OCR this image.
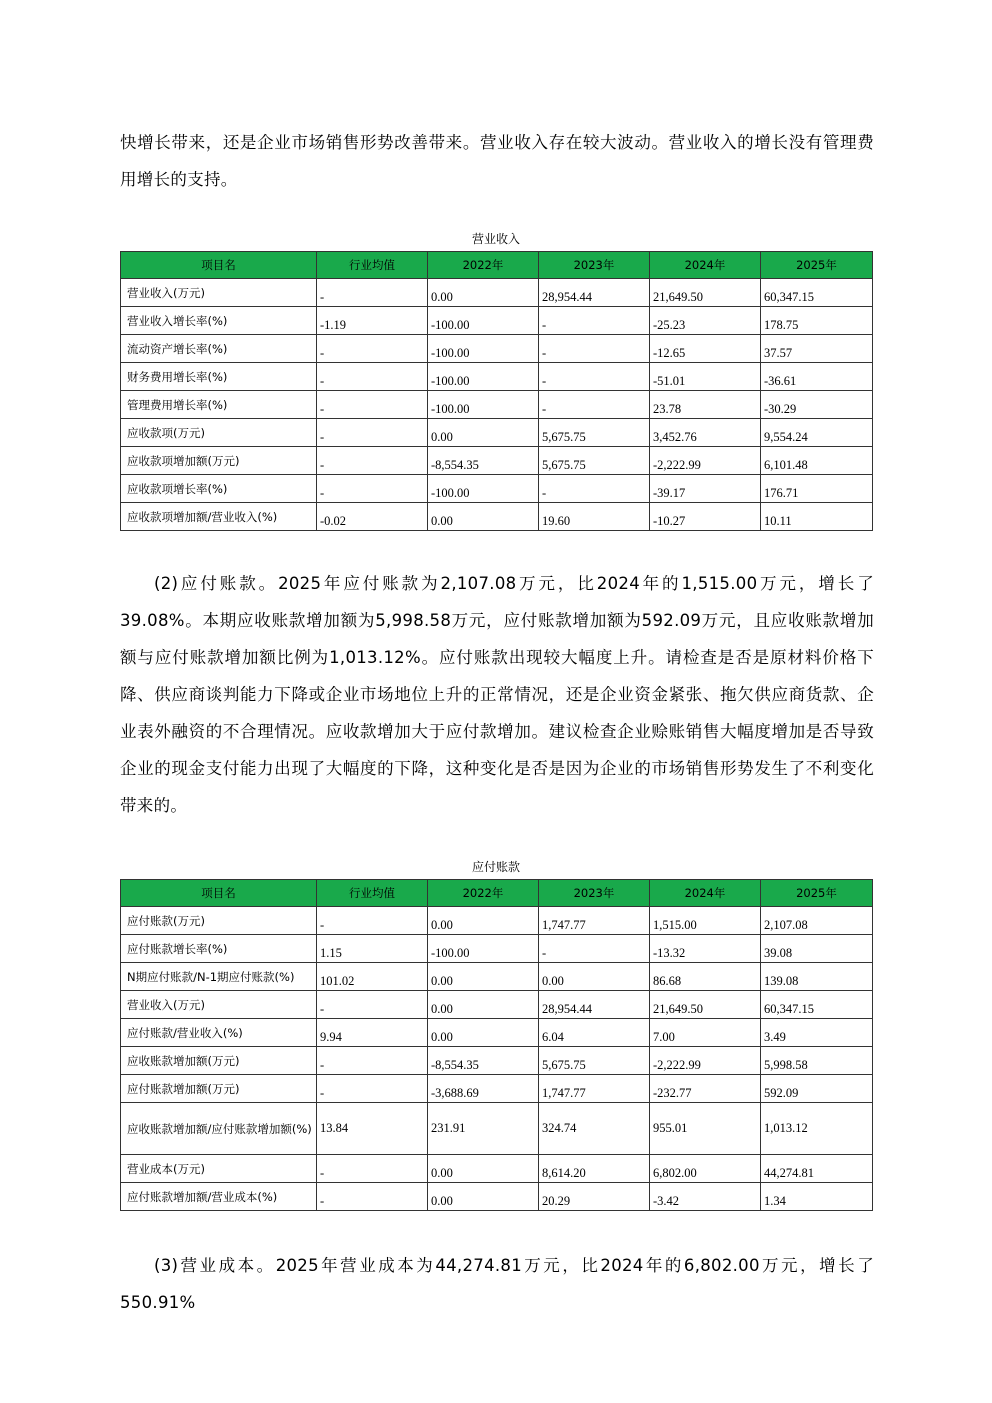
快增长带来，还是企业市场销售形势改善带来。营业收入存在较大波动。营业收入的增长没有管理费用增长的支持。

营业收入
项目名	行业均值	2022年	2023年	2024年	2025年
营业收入(万元)	-	0.00	28,954.44	21,649.50	60,347.15
营业收入增长率(%)	-1.19	-100.00	-	-25.23	178.75
流动资产增长率(%)	-	-100.00	-	-12.65	37.57
财务费用增长率(%)	-	-100.00	-	-51.01	-36.61
管理费用增长率(%)	-	-100.00	-	23.78	-30.29
应收款项(万元)	-	0.00	5,675.75	3,452.76	9,554.24
应收款项增加额(万元)	-	-8,554.35	5,675.75	-2,222.99	6,101.48
应收款项增长率(%)	-	-100.00	-	-39.17	176.71
应收款项增加额/营业收入(%)	-0.02	0.00	19.60	-10.27	10.11

(2)应付账款。2025年应付账款为2,107.08万元，比2024年的1,515.00万元，增长了39.08%。本期应收账款增加额为5,998.58万元，应付账款增加额为592.09万元，且应收账款增加额与应付账款增加额比例为1,013.12%。应付账款出现较大幅度上升。请检查是否是原材料价格下降、供应商谈判能力下降或企业市场地位上升的正常情况，还是企业资金紧张、拖欠供应商货款、企业表外融资的不合理情况。应收款增加大于应付款增加。建议检查企业赊账销售大幅度增加是否导致企业的现金支付能力出现了大幅度的下降，这种变化是否是因为企业的市场销售形势发生了不利变化带来的。

应付账款
项目名	行业均值	2022年	2023年	2024年	2025年
应付账款(万元)	-	0.00	1,747.77	1,515.00	2,107.08
应付账款增长率(%)	1.15	-100.00	-	-13.32	39.08
N期应付账款/N-1期应付账款(%)	101.02	0.00	0.00	86.68	139.08
营业收入(万元)	-	0.00	28,954.44	21,649.50	60,347.15
应付账款/营业收入(%)	9.94	0.00	6.04	7.00	3.49
应收账款增加额(万元)	-	-8,554.35	5,675.75	-2,222.99	5,998.58
应付账款增加额(万元)	-	-3,688.69	1,747.77	-232.77	592.09
应收账款增加额/应付账款增加额(%)	13.84	231.91	324.74	955.01	1,013.12
营业成本(万元)	-	0.00	8,614.20	6,802.00	44,274.81
应付账款增加额/营业成本(%)	-	0.00	20.29	-3.42	1.34

(3)营业成本。2025年营业成本为44,274.81万元，比2024年的6,802.00万元，增长了550.91%
